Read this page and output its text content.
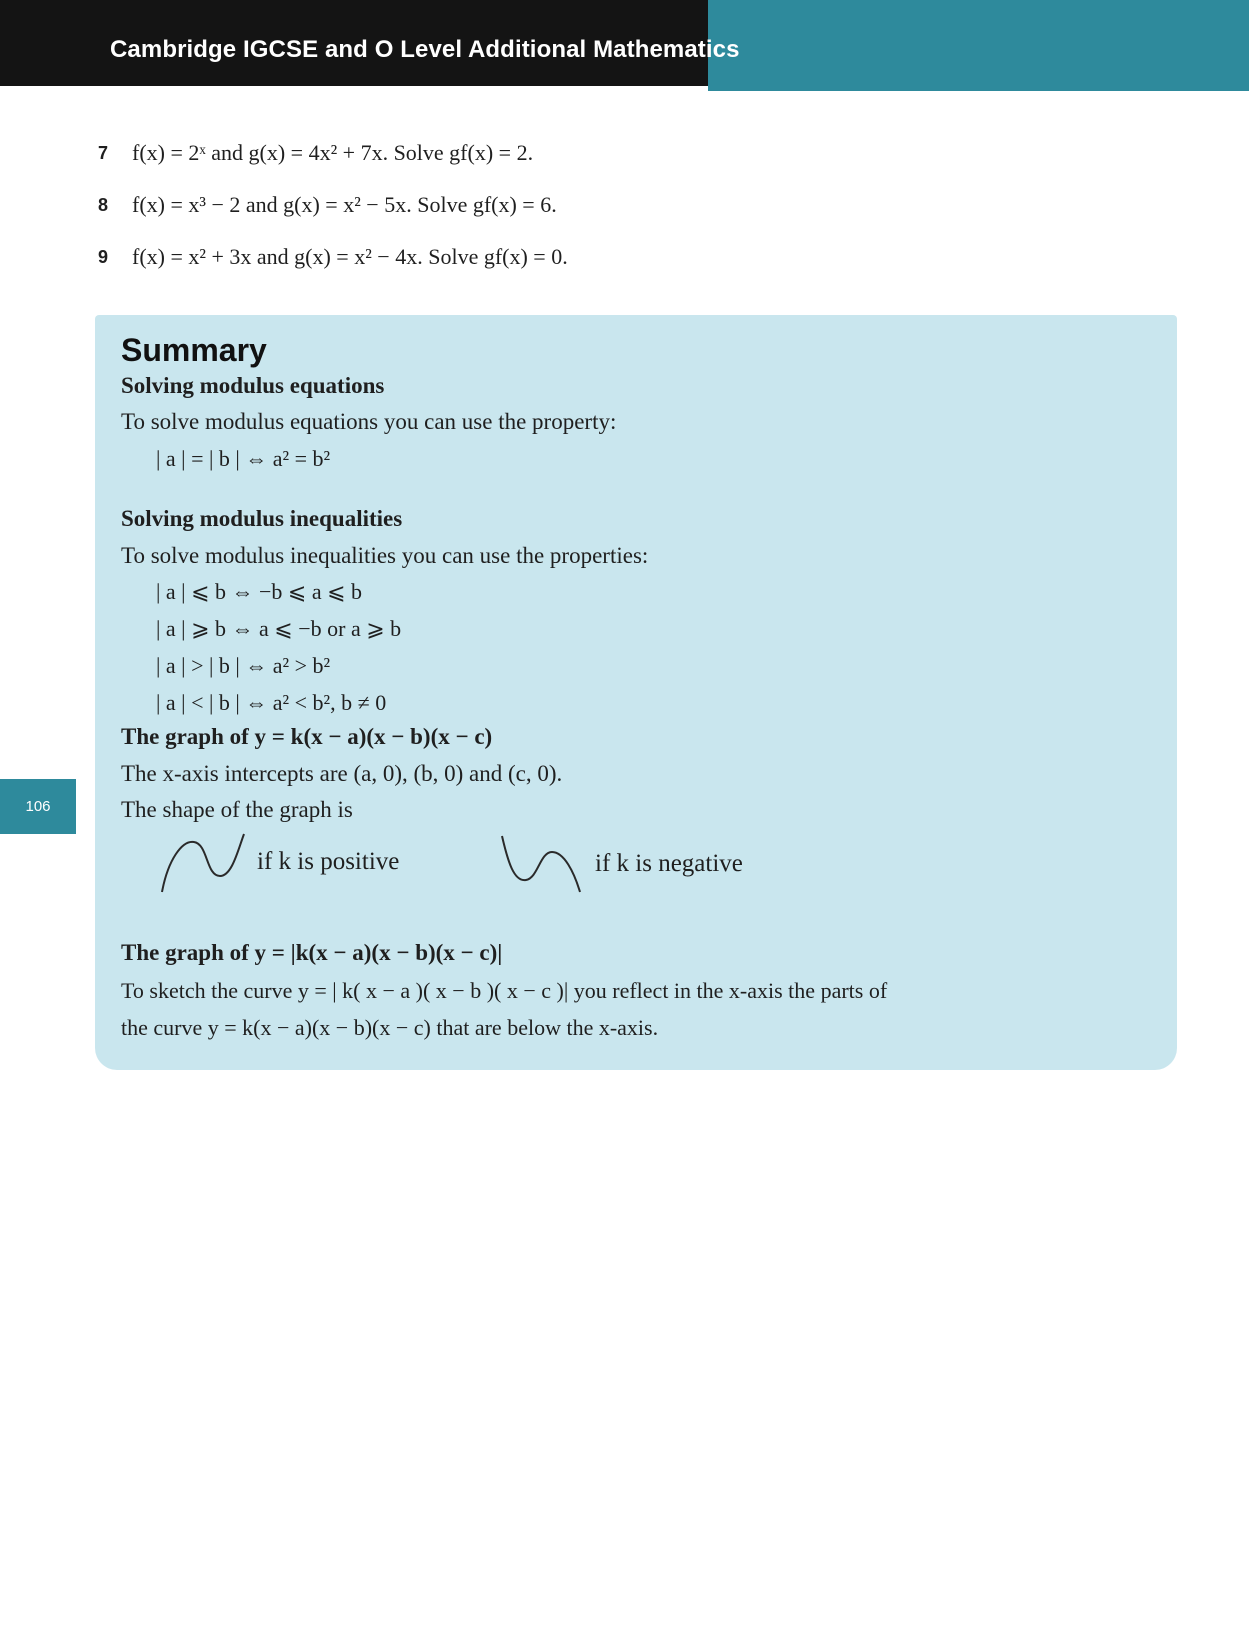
Cambridge IGCSE and O Level Additional Mathematics
7	f(x) = 2ˣ and g(x) = 4x² + 7x. Solve gf(x) = 2.
8	f(x) = x³ − 2 and g(x) = x² − 5x. Solve gf(x) = 6.
9	f(x) = x² + 3x and g(x) = x² − 4x. Solve gf(x) = 0.
Summary
Solving modulus equations

To solve modulus equations you can use the property:

| a | = | b | ⇔ a² = b²

Solving modulus inequalities

To solve modulus inequalities you can use the properties:

| a | ⩽ b ⇔ −b ⩽ a ⩽ b

| a | ⩾ b ⇔ a ⩽ −b or a ⩾ b

| a | > | b | ⇔ a² > b²

| a | < | b | ⇔ a² < b², b ≠ 0

The graph of y = k(x − a)(x − b)(x − c)

The x-axis intercepts are (a, 0), (b, 0) and (c, 0).

The shape of the graph is

if k is positive	if k is negative

The graph of y = |k(x − a)(x − b)(x − c)|

To sketch the curve y = | k( x − a )( x − b )( x − c )| you reflect in the x-axis the parts of

the curve y = k(x − a)(x − b)(x − c) that are below the x-axis.

106
